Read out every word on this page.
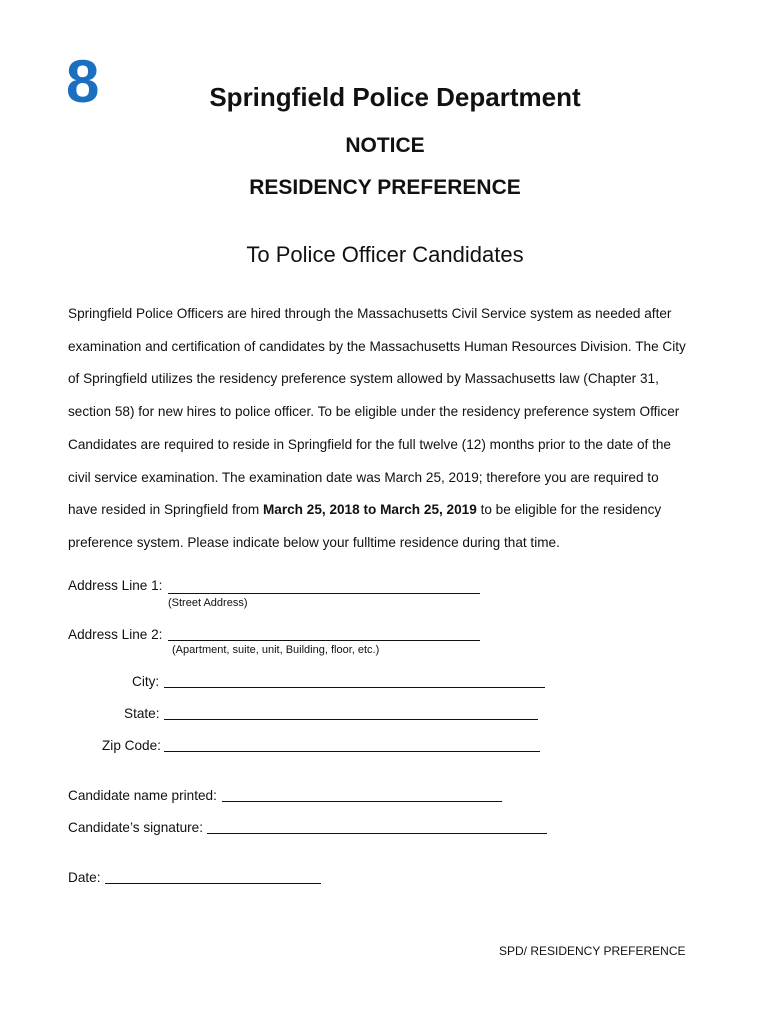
8	Springfield Police Department
NOTICE
RESIDENCY PREFERENCE
To Police Officer Candidates
Springfield Police Officers are hired through the Massachusetts Civil Service system as needed after
examination and certification of candidates by the Massachusetts Human Resources Division. The City
of Springfield utilizes the residency preference system allowed by Massachusetts law (Chapter 31,
section 58) for new hires to police officer. To be eligible under the residency preference system Officer
Candidates are required to reside in Springfield for the full twelve (12) months prior to the date of the
civil service examination. The examination date was March 25, 2019; therefore you are required to
have resided in Springfield from March 25, 2018 to March 25, 2019 to be eligible for the residency
preference system. Please indicate below your fulltime residence during that time.
Address Line 1:
(Street Address)
Address Line 2:
(Apartment, suite, unit, Building, floor, etc.)
City:
State:
Zip Code:
Candidate name printed:
Candidate’s signature:
Date:
SPD/ RESIDENCY PREFERENCE
